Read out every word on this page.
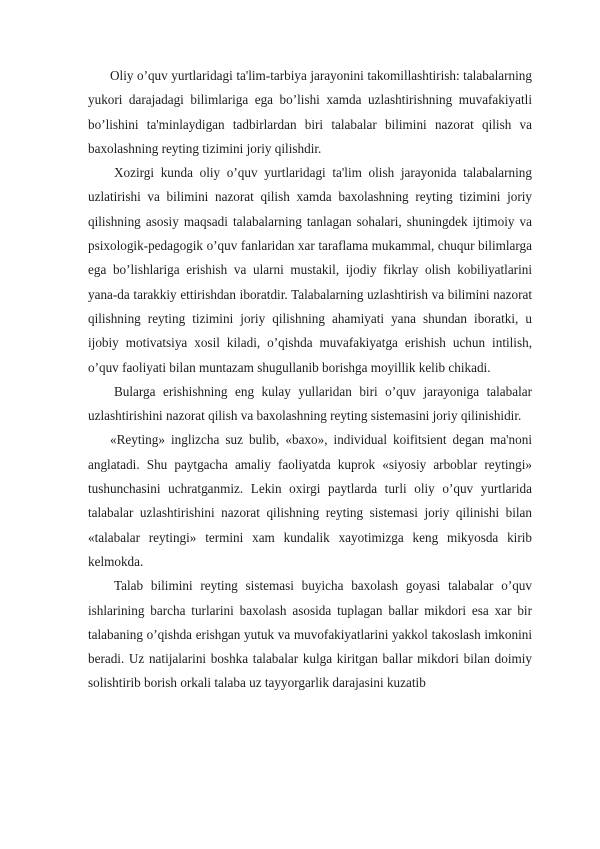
Oliy o’quv yurtlaridagi ta'lim-tarbiya jarayonini takomillashtirish: talabalarning yukori darajadagi bilimlariga ega bo’lishi xamda uzlashtirishning muvafakiyatli bo’lishini ta'minlaydigan tadbirlardan biri talabalar bilimini nazorat qilish va baxolashning reyting tizimini joriy qilishdir.

Xozirgi kunda oliy o’quv yurtlaridagi ta'lim olish jarayonida talabalarning uzlatirishi va bilimini nazorat qilish xamda baxolashning reyting tizimini joriy qilishning asosiy maqsadi talabalarning tanlagan sohalari, shuningdek ijtimoiy va psixologik-pedagogik o’quv fanlaridan xar taraflama mukammal, chuqur bilimlarga ega bo’lishlariga erishish va ularni mustakil, ijodiy fikrlay olish kobiliyatlarini yana-da tarakkiy ettirishdan iboratdir. Talabalarning uzlashtirish va bilimini nazorat qilishning reyting tizimini joriy qilishning ahamiyati yana shundan iboratki, u ijobiy motivatsiya xosil kiladi, o’qishda muvafakiyatga erishish uchun intilish, o’quv faoliyati bilan muntazam shugullanib borishga moyillik kelib chikadi.

Bularga erishishning eng kulay yullaridan biri o’quv jarayoniga talabalar uzlashtirishini nazorat qilish va baxolashning reyting sistemasini joriy qilinishidir.

«Reyting» inglizcha suz bulib, «baxo», individual koifitsient degan ma'noni anglatadi. Shu paytgacha amaliy faoliyatda kuprok «siyosiy arboblar reytingi» tushunchasini uchratganmiz. Lekin oxirgi paytlarda turli oliy o’quv yurtlarida talabalar uzlashtirishini nazorat qilishning reyting sistemasi joriy qilinishi bilan «talabalar reytingi» termini xam kundalik xayotimizga keng mikyosda kirib kelmokda.

Talab bilimini reyting sistemasi buyicha baxolash goyasi talabalar o’quv ishlarining barcha turlarini baxolash asosida tuplagan ballar mikdori esa xar bir talabaning o’qishda erishgan yutuk va muvofakiyatlarini yakkol takoslash imkonini beradi. Uz natijalarini boshka talabalar kulga kiritgan ballar mikdori bilan doimiy solishtirib borish orkali talaba uz tayyorgarlik darajasini kuzatib
